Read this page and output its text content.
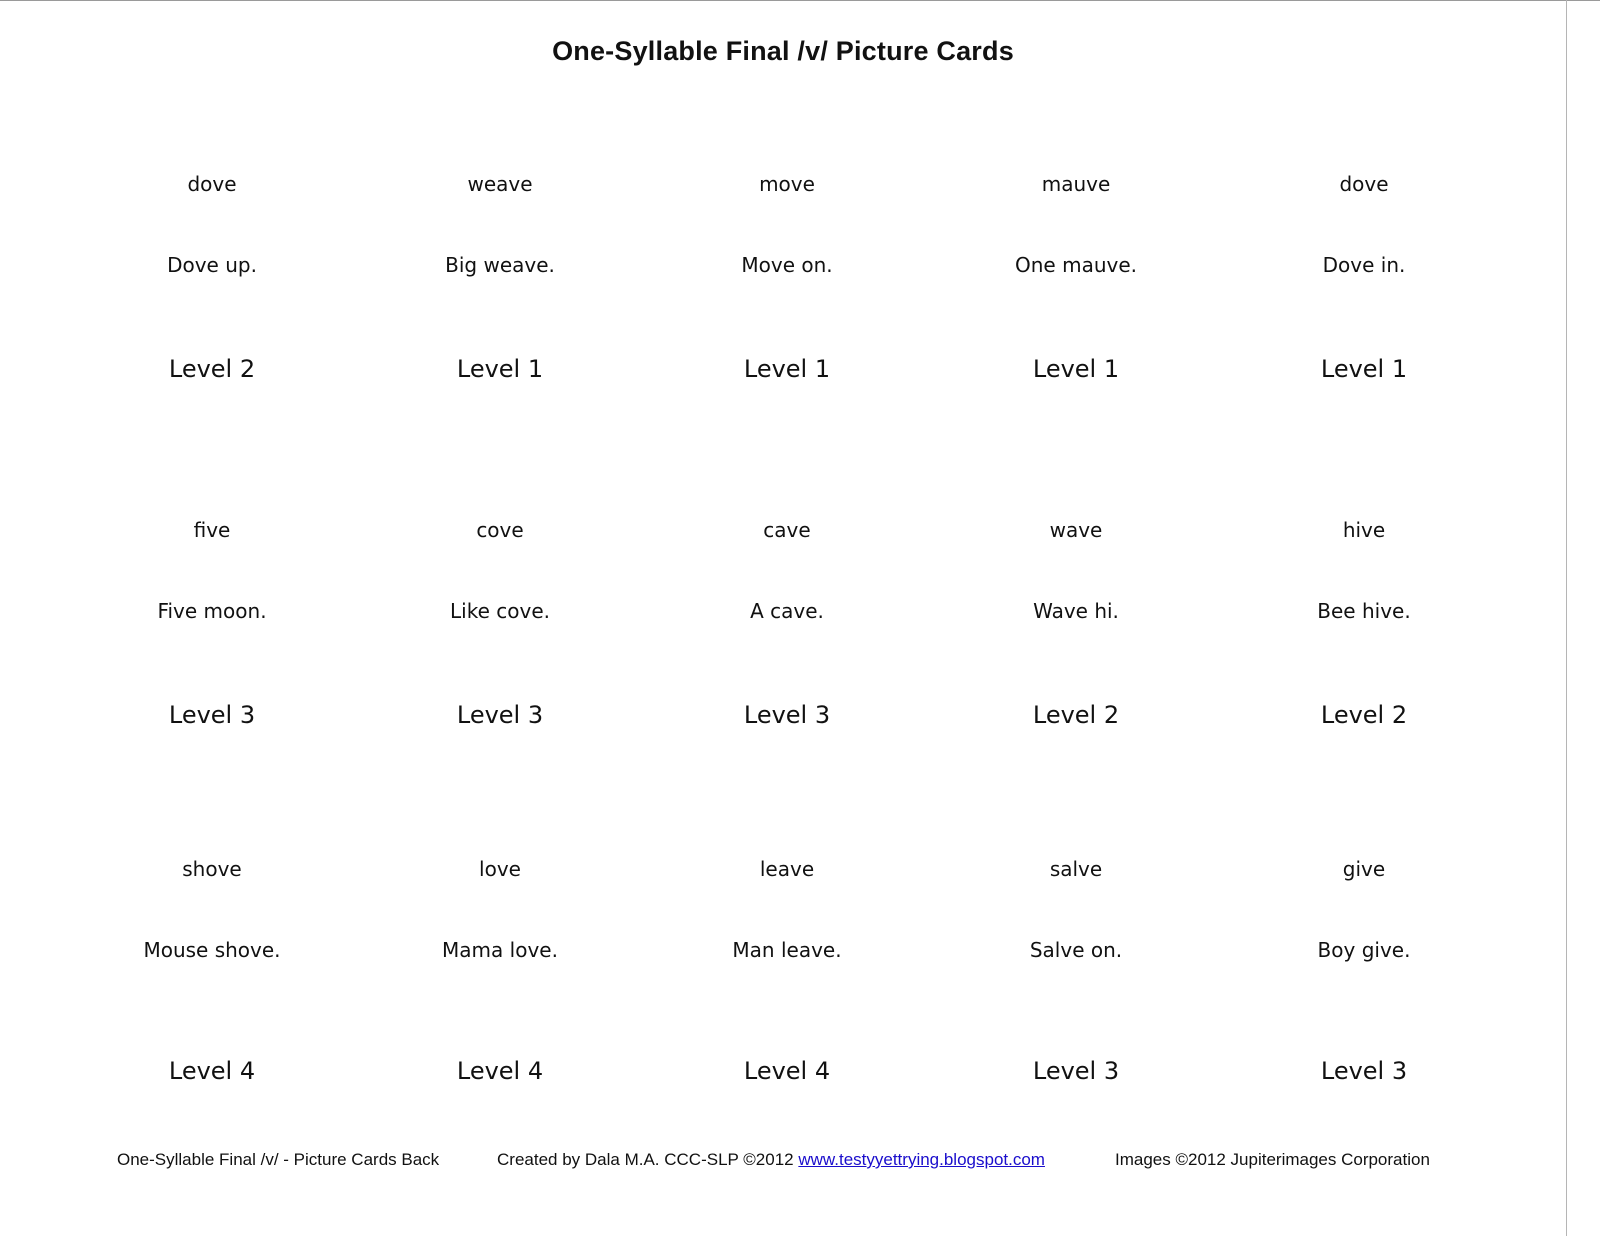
One-Syllable Final /v/ Picture Cards
dove
Dove up.
Level 2
weave
Big weave.
Level 1
move
Move on.
Level 1
mauve
One mauve.
Level 1
dove
Dove in.
Level 1
five
Five moon.
Level 3
cove
Like cove.
Level 3
cave
A cave.
Level 3
wave
Wave hi.
Level 2
hive
Bee hive.
Level 2
shove
Mouse shove.
Level 4
love
Mama love.
Level 4
leave
Man leave.
Level 4
salve
Salve on.
Level 3
give
Boy give.
Level 3
One-Syllable Final /v/ - Picture Cards Back	Created by Dala M.A. CCC-SLP ©2012 www.testyyettrying.blogspot.com	Images ©2012 Jupiterimages Corporation
